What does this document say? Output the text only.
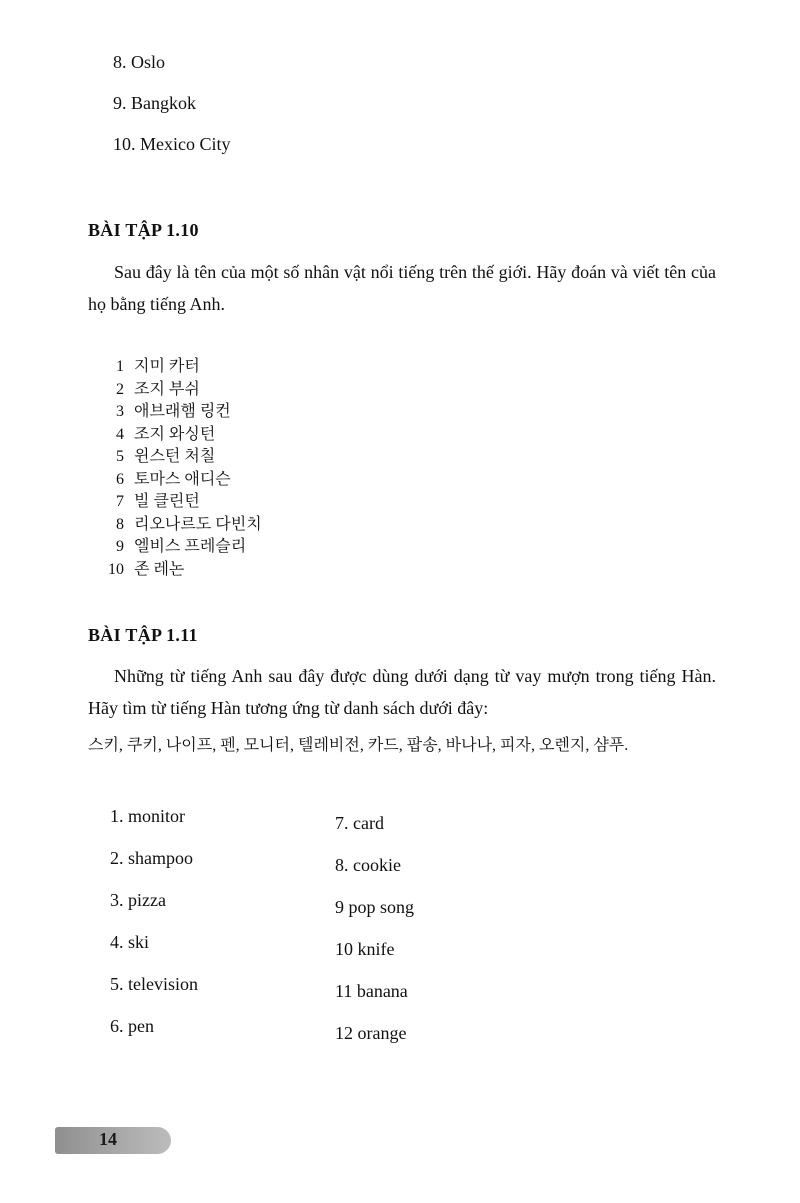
8. Oslo
9. Bangkok
10. Mexico City
BÀI TẬP 1.10

Sau đây là tên của một số nhân vật nổi tiếng trên thế giới. Hãy đoán và viết tên của họ bằng tiếng Anh.

1 지미 카터
2 조지 부쉬
3 애브래햄 링컨
4 조지 와싱턴
5 윈스턴 처칠
6 토마스 애디슨
7 빌 클린턴
8 리오나르도 다빈치
9 엘비스 프레슬리
10 존 레논
BÀI TẬP 1.11

Những từ tiếng Anh sau đây được dùng dưới dạng từ vay mượn trong tiếng Hàn. Hãy tìm từ tiếng Hàn tương ứng từ danh sách dưới đây:

스키, 쿠키, 나이프, 펜, 모니터, 텔레비전, 카드, 팝송, 바나나, 피자, 오렌지, 샴푸.

1. monitor
2. shampoo
3. pizza
4. ski
5. television
6. pen
7. card
8. cookie
9 pop song
10 knife
11 banana
12 orange
14
